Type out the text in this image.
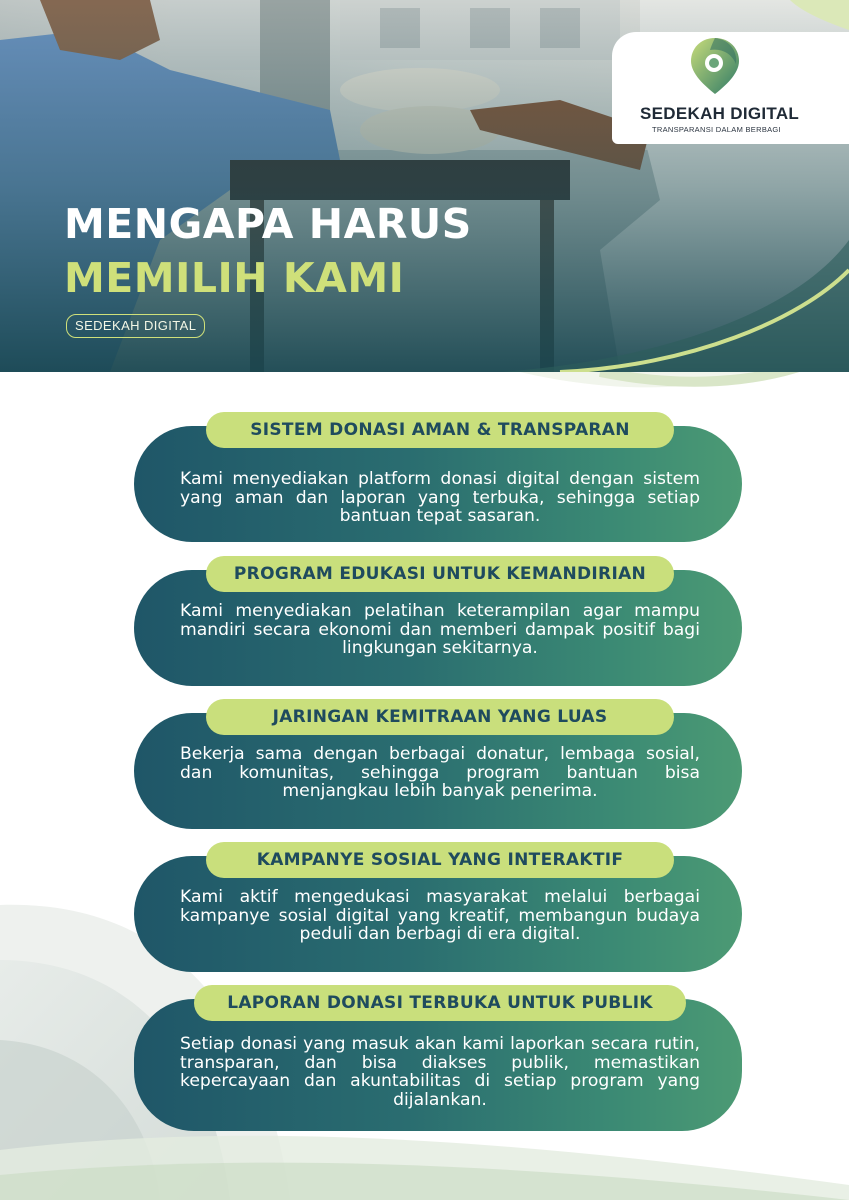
SEDEKAH DIGITAL
TRANSPARANSI DALAM BERBAGI
MENGAPA HARUS
MEMILIH KAMI
SEDEKAH DIGITAL
Kami menyediakan platform donasi digital dengan sistem yang aman dan laporan yang terbuka, sehingga setiap bantuan tepat sasaran.
SISTEM DONASI AMAN & TRANSPARAN
Kami menyediakan pelatihan keterampilan agar mampu mandiri secara ekonomi dan memberi dampak positif bagi lingkungan sekitarnya.
PROGRAM EDUKASI UNTUK KEMANDIRIAN
Bekerja sama dengan berbagai donatur, lembaga sosial, dan komunitas, sehingga program bantuan bisa menjangkau lebih banyak penerima.
JARINGAN KEMITRAAN YANG LUAS
Kami aktif mengedukasi masyarakat melalui berbagai kampanye sosial digital yang kreatif, membangun budaya peduli dan berbagi di era digital.
KAMPANYE SOSIAL YANG INTERAKTIF
Setiap donasi yang masuk akan kami laporkan secara rutin, transparan, dan bisa diakses publik, memastikan kepercayaan dan akuntabilitas di setiap program yang dijalankan.
LAPORAN DONASI TERBUKA UNTUK PUBLIK
